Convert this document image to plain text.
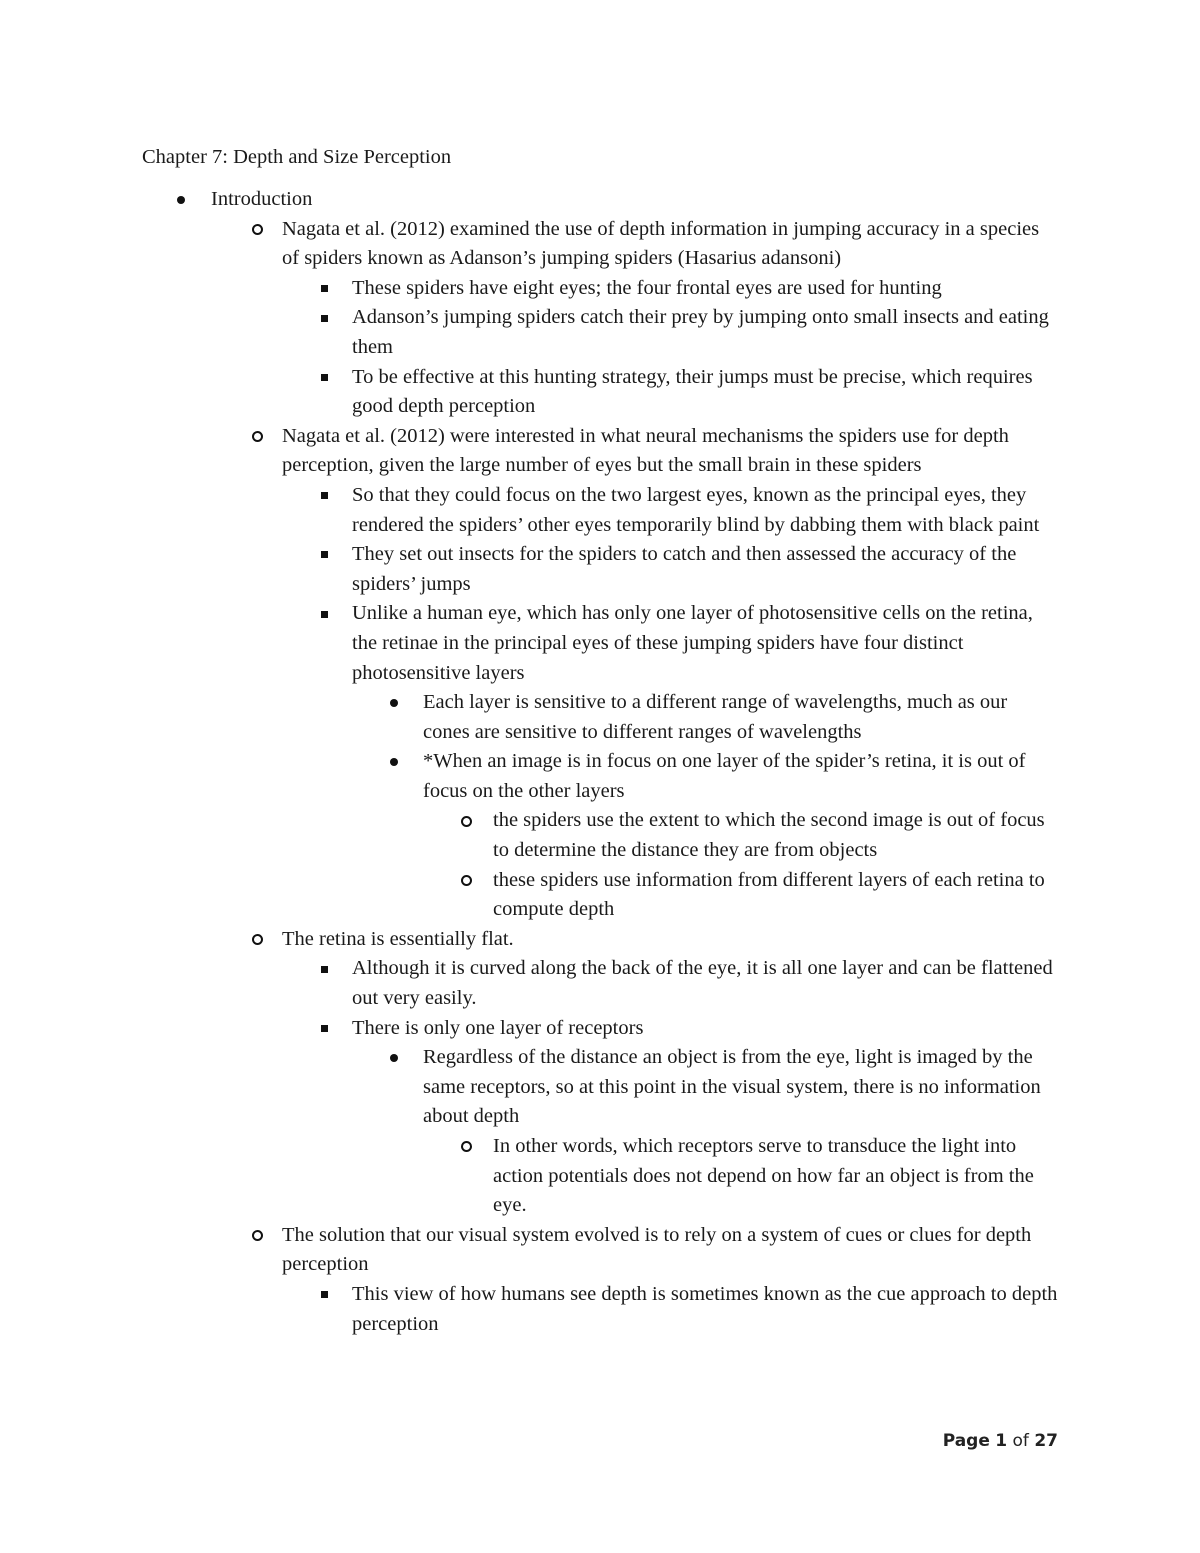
Chapter 7: Depth and Size Perception
Introduction
Nagata et al. (2012) examined the use of depth information in jumping accuracy in a species of spiders known as Adanson’s jumping spiders (Hasarius adansoni)
These spiders have eight eyes; the four frontal eyes are used for hunting
Adanson’s jumping spiders catch their prey by jumping onto small insects and eating them
To be effective at this hunting strategy, their jumps must be precise, which requires good depth perception
Nagata et al. (2012) were interested in what neural mechanisms the spiders use for depth perception, given the large number of eyes but the small brain in these spiders
So that they could focus on the two largest eyes, known as the principal eyes, they rendered the spiders’ other eyes temporarily blind by dabbing them with black paint
They set out insects for the spiders to catch and then assessed the accuracy of the spiders’ jumps
Unlike a human eye, which has only one layer of photosensitive cells on the retina, the retinae in the principal eyes of these jumping spiders have four distinct photosensitive layers
Each layer is sensitive to a different range of wavelengths, much as our cones are sensitive to different ranges of wavelengths
*When an image is in focus on one layer of the spider’s retina, it is out of focus on the other layers
the spiders use the extent to which the second image is out of focus to determine the distance they are from objects
these spiders use information from different layers of each retina to compute depth
The retina is essentially flat.
Although it is curved along the back of the eye, it is all one layer and can be flattened out very easily.
There is only one layer of receptors
Regardless of the distance an object is from the eye, light is imaged by the same receptors, so at this point in the visual system, there is no information about depth
In other words, which receptors serve to transduce the light into action potentials does not depend on how far an object is from the eye.
The solution that our visual system evolved is to rely on a system of cues or clues for depth perception
This view of how humans see depth is sometimes known as the cue approach to depth perception
Page 1 of 27
